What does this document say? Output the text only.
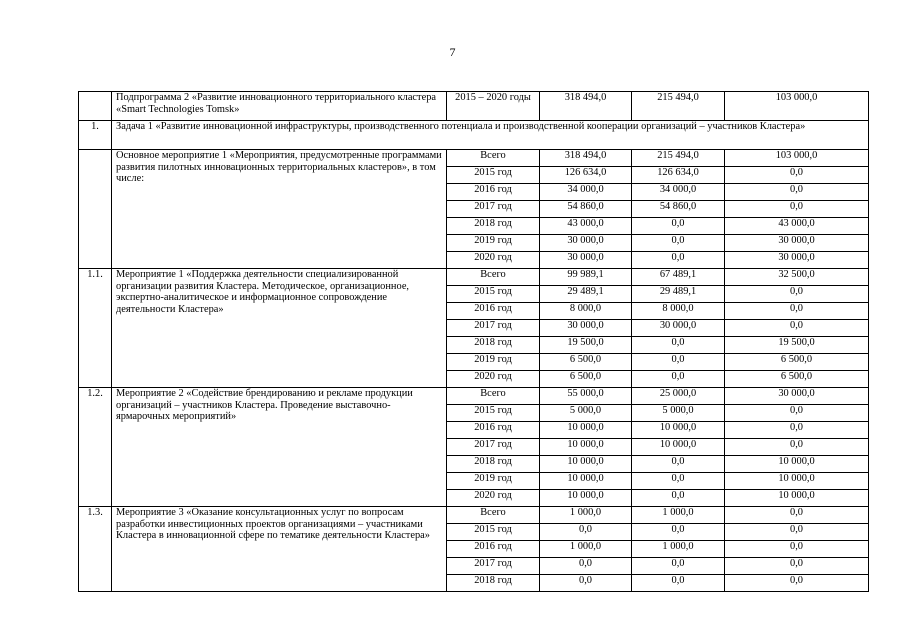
7
	Подпрограмма 2 «Развитие инновационного территориального кластера «Smart Technologies Tomsk»	2015 – 2020 годы	318 494,0	215 494,0	103 000,0
1.	Задача 1 «Развитие инновационной инфраструктуры, производственного потенциала и производственной кооперации организаций – участников Кластера»				
	Основное мероприятие 1 «Мероприятия, предусмотренные программами развития пилотных инновационных территориальных кластеров», в том числе:	Всего	318 494,0	215 494,0	103 000,0
		2015 год	126 634,0	126 634,0	0,0
		2016 год	34 000,0	34 000,0	0,0
		2017 год	54 860,0	54 860,0	0,0
		2018 год	43 000,0	0,0	43 000,0
		2019 год	30 000,0	0,0	30 000,0
		2020 год	30 000,0	0,0	30 000,0
1.1.	Мероприятие 1 «Поддержка деятельности специализированной организации развития Кластера. Методическое, организационное, экспертно-аналитическое и информационное сопровождение деятельности Кластера»	Всего	99 989,1	67 489,1	32 500,0
		2015 год	29 489,1	29 489,1	0,0
		2016 год	8 000,0	8 000,0	0,0
		2017 год	30 000,0	30 000,0	0,0
		2018 год	19 500,0	0,0	19 500,0
		2019 год	6 500,0	0,0	6 500,0
		2020 год	6 500,0	0,0	6 500,0
1.2.	Мероприятие 2 «Содействие брендированию и рекламе продукции организаций – участников Кластера. Проведение выставочно-ярмарочных мероприятий»	Всего	55 000,0	25 000,0	30 000,0
		2015 год	5 000,0	5 000,0	0,0
		2016 год	10 000,0	10 000,0	0,0
		2017 год	10 000,0	10 000,0	0,0
		2018 год	10 000,0	0,0	10 000,0
		2019 год	10 000,0	0,0	10 000,0
		2020 год	10 000,0	0,0	10 000,0
1.3.	Мероприятие 3 «Оказание консультационных услуг по вопросам разработки инвестиционных проектов организациями – участниками Кластера в инновационной сфере по тематике деятельности Кластера»	Всего	1 000,0	1 000,0	0,0
		2015 год	0,0	0,0	0,0
		2016 год	1 000,0	1 000,0	0,0
		2017 год	0,0	0,0	0,0
		2018 год	0,0	0,0	0,0
